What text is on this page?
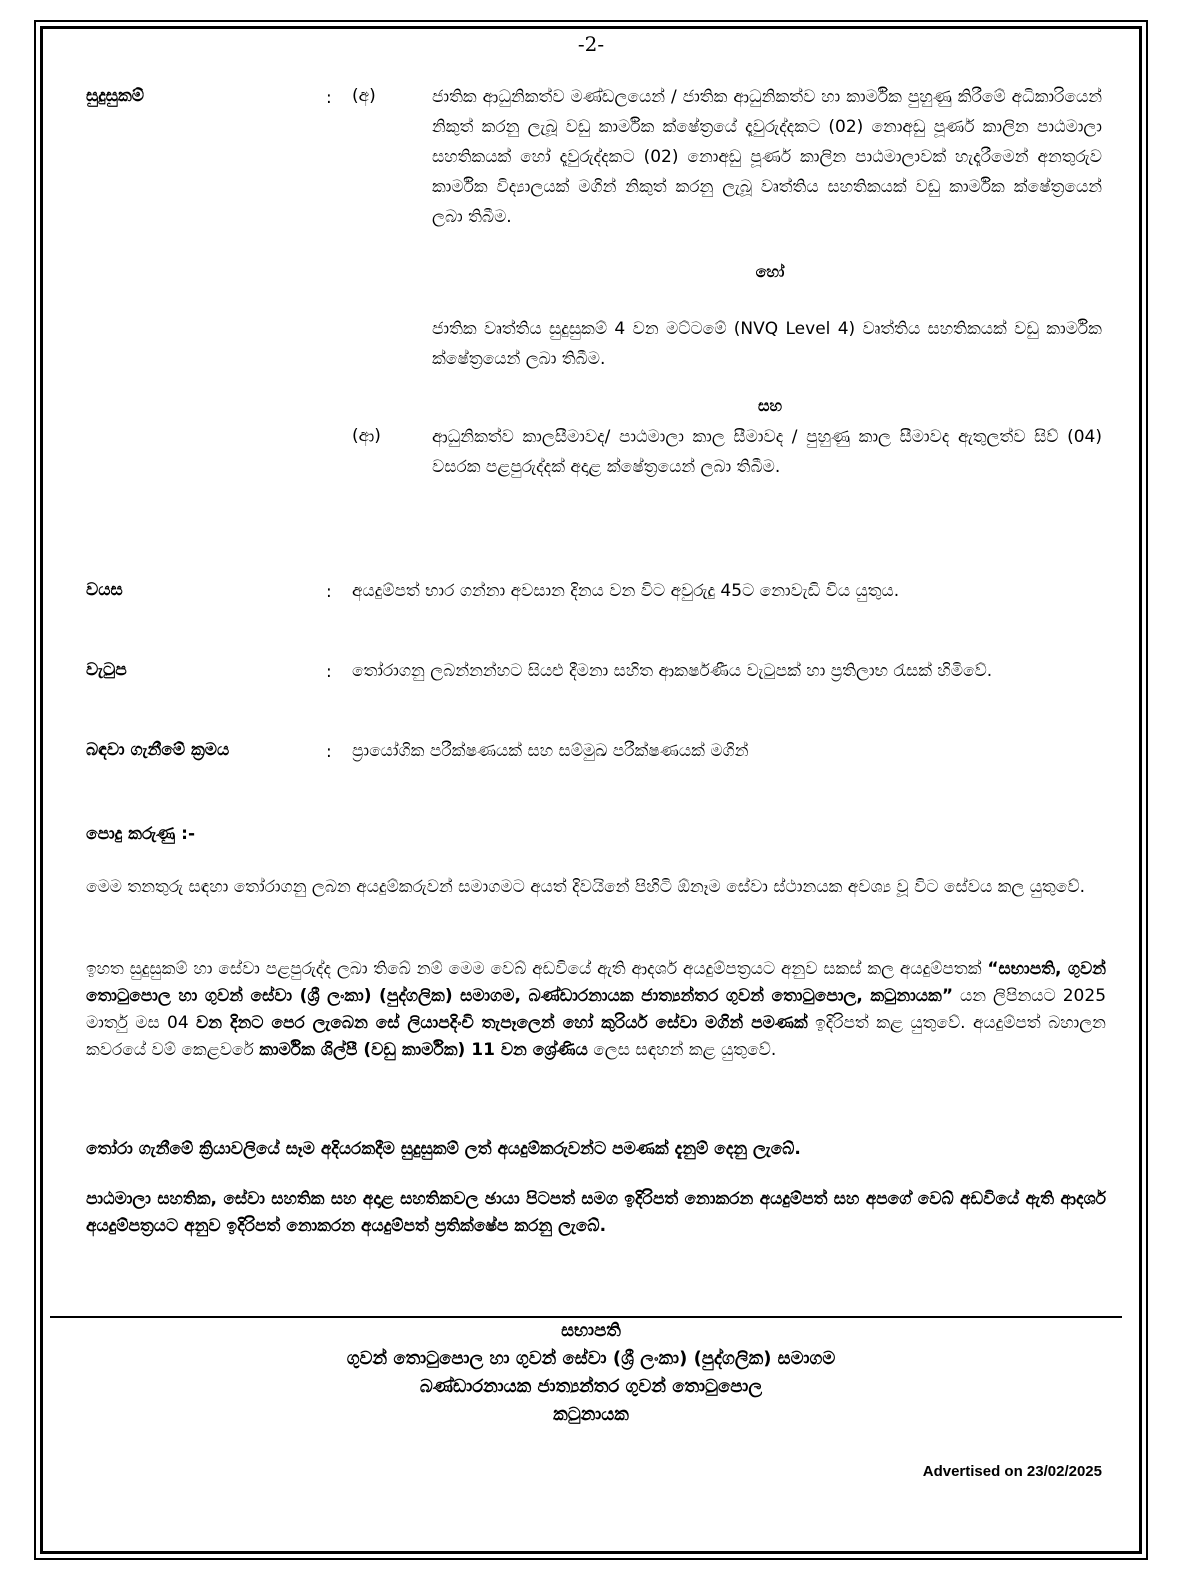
-2-
සුදුසුකම්	: (අ)	ජාතික ආධුනිකත්ව මණ්ඩලයෙන් / ජාතික ආධුනිකත්ව හා කාර්මික පුහුණු කිරීමේ අධිකාරියෙන් නිකුත් කරනු ලැබූ වඩු කාර්මික ක්ෂේත්‍රයේ දෑවුරුද්දකට (02) නොඅඩු පූර්ණ කාලින පාඨමාලා සහතිකයක් හෝ දෑවුරුද්දකට (02) නොඅඩු පූර්ණ කාලින පාඨමාලාවක් හැදෑරීමෙන් අනතුරුව කාර්මික විද්‍යාලයක් මගින් නිකුත් කරනු ලැබූ වෘත්තිය සහතිකයක් වඩු කාර්මික ක්ෂේත්‍රයෙන් ලබා තිබීම.
හෝ
ජාතික වෘත්තිය සුදුසුකම් 4 වන මට්ටමේ (NVQ Level 4) වෘත්තිය සහතිකයක් වඩු කාර්මික ක්ෂේත්‍රයෙන් ලබා තිබීම.
සහ
(ආ)	ආධුනිකත්ව කාලසීමාවද/ පාඨමාලා කාල සීමාවද / පුහුණු කාල සීමාවද ඇතුලත්ව සිව් (04) වසරක පළපුරුද්දක් අදාළ ක්ෂේත්‍රයෙන් ලබා තිබීම.
වයස	: අයදුම්පත් භාර ගන්නා අවසාන දිනය වන විට අවුරුදු 45ට නොවැඩි විය යුතුය.
වැටුප	: තෝරාගනු ලබන්නන්හට සියළු දීමනා සහිත ආකර්ෂණීය වැටුපක් හා ප්‍රතිලාභ රැසක් හිමිවේ.
බඳවා ගැනීමේ ක්‍රමය	: ප්‍රායෝගික පරීක්ෂණයක් සහ සම්මුඛ පරීක්ෂණයක් මගින්
පොදු කරුණු :-
මෙම තනතුරු සඳහා තෝරාගනු ලබන අයදුම්කරුවන් සමාගමට අයත් දිවයිනේ පිහිටි ඕනෑම සේවා ස්ථානයක අවශ්‍ය වූ විට සේවය කල යුතුවේ.
ඉහත සුදුසුකම් හා සේවා පළපුරුද්ද ලබා තිබේ නම් මෙම වෙබ් අඩවියේ ඇති ආදර්ශ අයදුම්පත්‍රයට අනුව සකස් කල අයදුම්පතක් “සභාපති, ගුවන් තොටුපොල හා ගුවන් සේවා (ශ්‍රී ලංකා) (පුද්ගලික) සමාගම, බණ්ඩාරනායක ජාත්‍යන්තර ගුවන් තොටුපොල, කටුනායක” යන ලිපිනයට 2025 මාර්තු මස 04 වන දිනට පෙර ලැබෙන සේ ලියාපදිංචි තැපෑලෙන් හෝ කුරියර් සේවා මගින් පමණක් ඉදිරිපත් කළ යුතුවේ. අයදුම්පත් බහාලන කවරයේ වම් කෙළවරේ කාර්මික ශිල්පී (වඩු කාර්මික) 11 වන ශ්‍රේණිය ලෙස සඳහන් කළ යුතුවේ.
තෝරා ගැනීමේ ක්‍රියාවලියේ සෑම අදියරකදීම සුදුසුකම් ලත් අයදුම්කරුවන්ට පමණක් දැනුම් දෙනු ලැබේ.
පාඨමාලා සහතික, සේවා සහතික සහ අදාළ සහතිකවල ඡායා පිටපත් සමග ඉදිරිපත් නොකරන අයදුම්පත් සහ අපගේ වෙබ් අඩවියේ ඇති ආදර්ශ අයදුම්පත්‍රයට අනුව ඉදිරිපත් නොකරන අයදුම්පත් ප්‍රතික්ෂේප කරනු ලැබේ.
සභාපති
ගුවන් තොටුපොල හා ගුවන් සේවා (ශ්‍රී ලංකා) (පුද්ගලික) සමාගම
බණ්ඩාරනායක ජාත්‍යන්තර ගුවන් තොටුපොල
කටුනායක
Advertised on 23/02/2025
